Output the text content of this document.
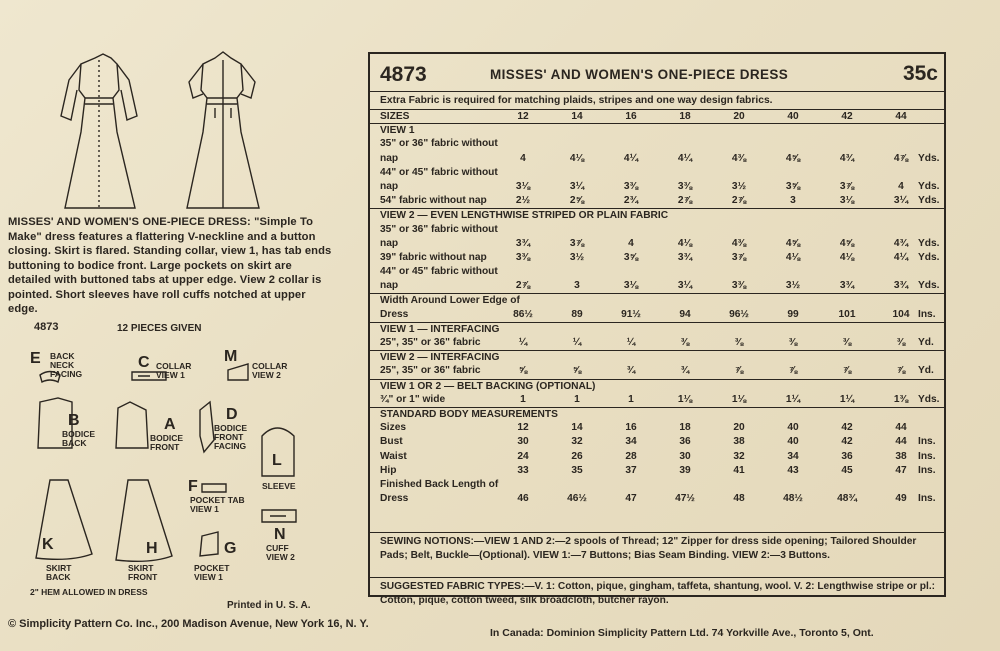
MISSES' AND WOMEN'S ONE-PIECE DRESS: "Simple To Make" dress features a flattering V-neckline and a button closing. Skirt is flared. Standing collar, view 1, has tab ends buttoning to bodice front. Large pockets on skirt are detailed with buttoned tabs at upper edge. View 2 collar is pointed. Short sleeves have roll cuffs notched at upper edge.
4873	12 PIECES GIVEN
E BACK NECK FACING
C COLLAR VIEW 1
M
COLLAR VIEW 2
B
BODICE BACK
A
BODICE FRONT
D
BODICE FRONT FACING
L
SLEEVE
F
POCKET TAB VIEW 1
N
CUFF VIEW 2
K
SKIRT BACK
H
SKIRT FRONT
G
POCKET VIEW 1
2" HEM ALLOWED IN DRESS
Printed in U. S. A.
© Simplicity Pattern Co. Inc., 200 Madison Avenue, New York 16, N. Y.
In Canada: Dominion Simplicity Pattern Ltd. 74 Yorkville Ave., Toronto 5, Ont.
4873	MISSES' AND WOMEN'S ONE-PIECE DRESS	35c
Extra Fabric is required for matching plaids, stripes and one way design fabrics.
SIZES	12	14	16	18	20	40	42	44
VIEW 1
35" or 36" fabric without
nap	4	4⅛	4¼	4¼	4⅜	4⅝	4¾	4⅞ Yds.
44" or 45" fabric without
nap	3⅛	3¼	3⅜	3⅜	3½	3⅝	3⅞	4	Yds.
54" fabric without nap	2½	2⅝	2¾	2⅞	2⅞	3	3⅛	3¼ Yds.
VIEW 2 — EVEN LENGTHWISE STRIPED OR PLAIN FABRIC
35" or 36" fabric without
nap	3¾	3⅞	4	4⅛	4⅜	4⅝	4⅝	4¾ Yds.
39" fabric without nap	3⅜	3½	3⅝	3¾	3⅞	4⅛	4⅛	4¼ Yds.
44" or 45" fabric without
nap	2⅞	3	3⅛	3¼	3⅜	3½	3¾	3¾ Yds.
Width Around Lower Edge of
Dress	86½	89	91½	94	96½	99	101	104 Ins.
VIEW 1 — INTERFACING
25", 35" or 36" fabric	¼	¼	¼	⅜	⅜	⅜	⅜	⅜	Yd.
VIEW 2 — INTERFACING
25", 35" or 36" fabric	⅝	⅝	¾	¾	⅞	⅞	⅞	⅞	Yd.
VIEW 1 OR 2 — BELT BACKING (OPTIONAL)
¾" or 1" wide	1	1	1	1⅛	1⅛	1¼	1¼	1⅜ Yds.
STANDARD BODY MEASUREMENTS
Sizes	12	14	16	18	20	40	42	44
Bust	30	32	34	36	38	40	42	44	Ins.
Waist	24	26	28	30	32	34	36	38	Ins.
Hip	33	35	37	39	41	43	45	47	Ins.
Finished Back Length of
Dress	46	46½	47	47½	48	48½	48¾	49	Ins.
SEWING NOTIONS:—VIEW 1 AND 2:—2 spools of Thread; 12" Zipper for dress side opening; Tailored Shoulder Pads; Belt, Buckle—(Optional). VIEW 1:—7 Buttons; Bias Seam Binding. VIEW 2:—3 Buttons.
SUGGESTED FABRIC TYPES:—V. 1: Cotton, pique, gingham, taffeta, shantung, wool. V. 2: Lengthwise stripe or pl.: Cotton, pique, cotton tweed, silk broadcloth, butcher rayon.
